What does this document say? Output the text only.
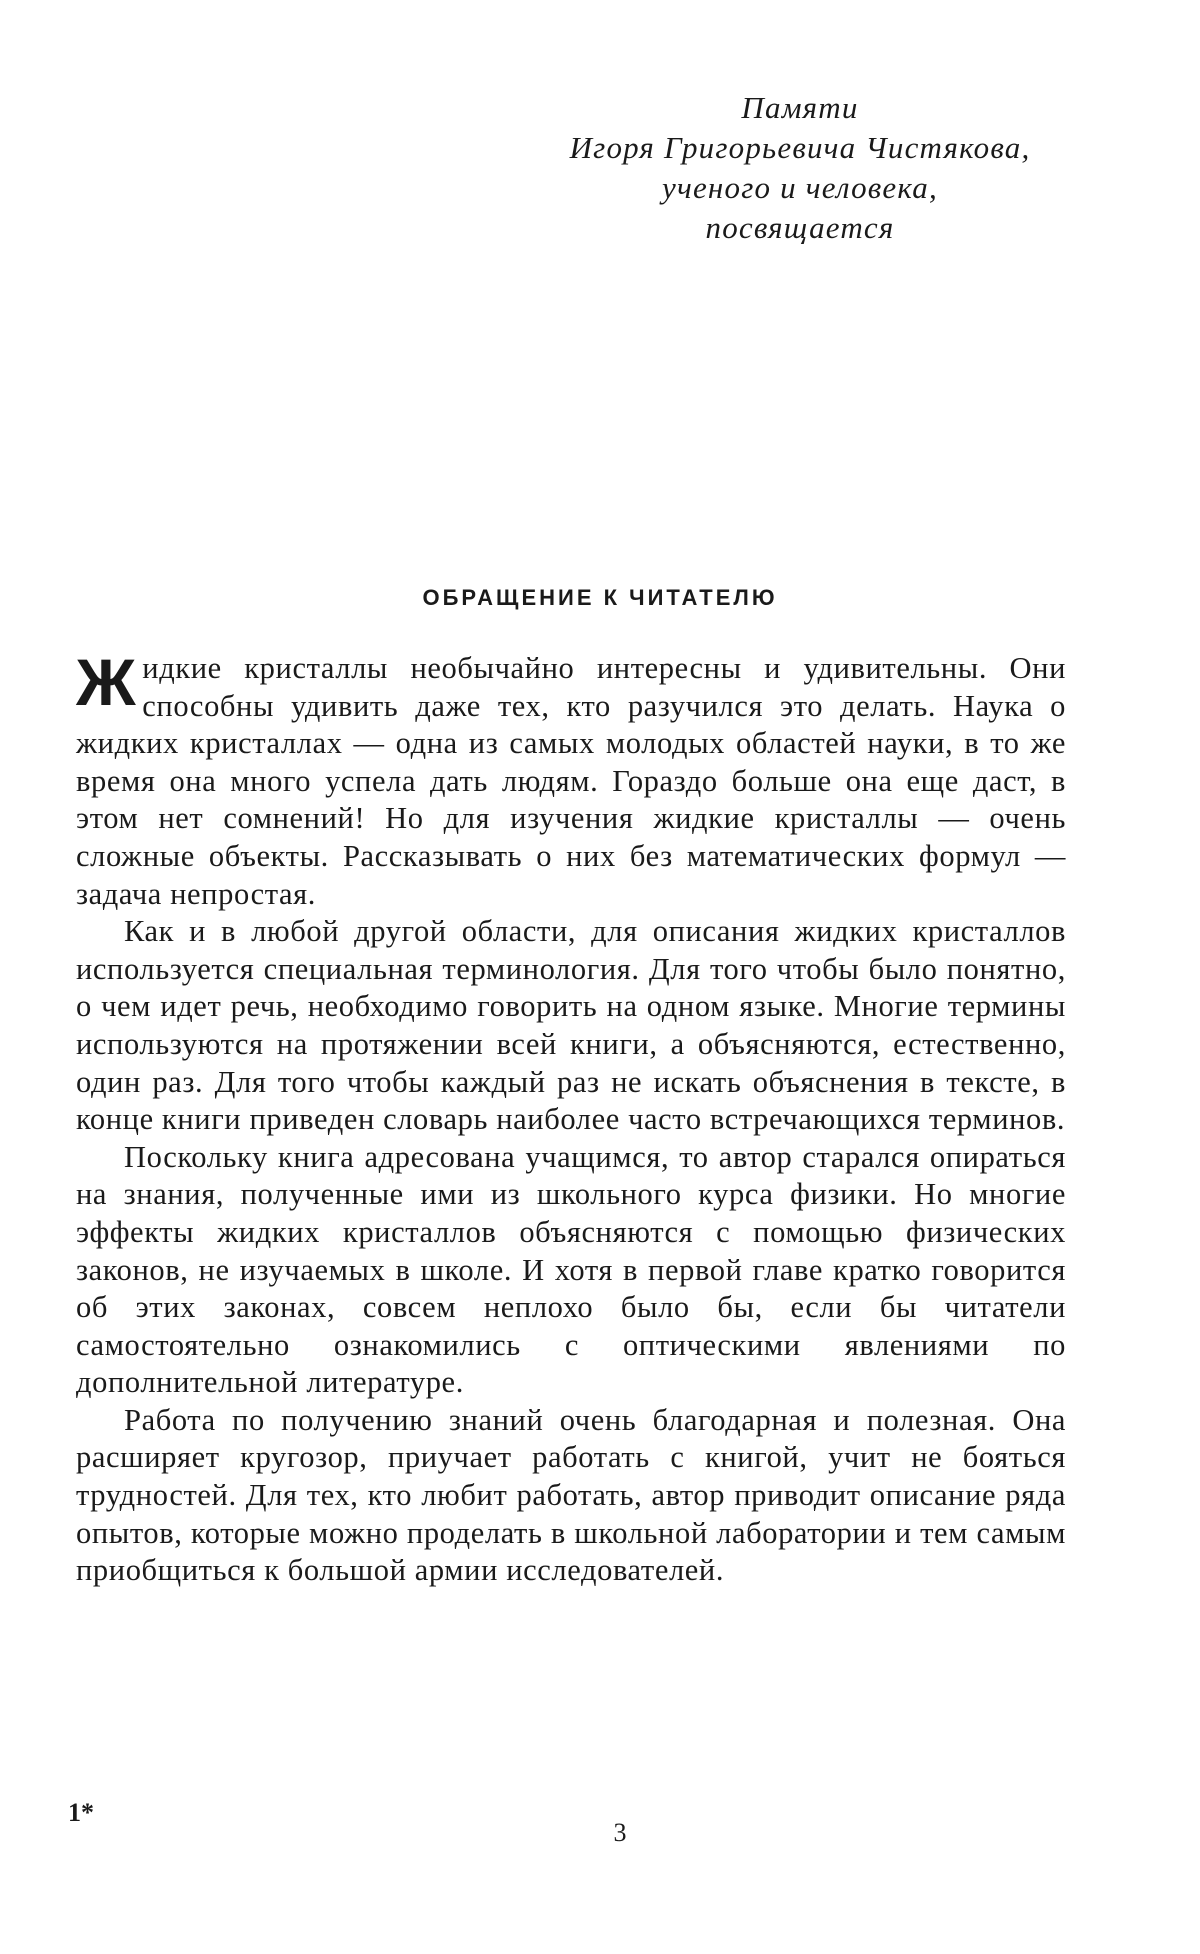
Памяти
Игоря Григорьевича Чистякова,
ученого и человека,
посвящается
ОБРАЩЕНИЕ К ЧИТАТЕЛЮ

Жидкие кристаллы необычайно интересны и удивительны. Они способны удивить даже тех, кто разучился это делать. Наука о жидких кристаллах — одна из самых молодых областей науки, в то же время она много успела дать людям. Гораздо больше она еще даст, в этом нет сомнений! Но для изучения жидкие кристаллы — очень сложные объекты. Рассказывать о них без математических формул — задача непростая.

Как и в любой другой области, для описания жидких кристаллов используется специальная терминология. Для того чтобы было понятно, о чем идет речь, необходимо говорить на одном языке. Многие термины используются на протяжении всей книги, а объясняются, естественно, один раз. Для того чтобы каждый раз не искать объяснения в тексте, в конце книги приведен словарь наиболее часто встречающихся терминов.

Поскольку книга адресована учащимся, то автор старался опираться на знания, полученные ими из школьного курса физики. Но многие эффекты жидких кристаллов объясняются с помощью физических законов, не изучаемых в школе. И хотя в первой главе кратко говорится об этих законах, совсем неплохо было бы, если бы читатели самостоятельно ознакомились с оптическими явлениями по дополнительной литературе.

Работа по получению знаний очень благодарная и полезная. Она расширяет кругозор, приучает работать с книгой, учит не бояться трудностей. Для тех, кто любит работать, автор приводит описание ряда опытов, которые можно проделать в школьной лаборатории и тем самым приобщиться к большой армии исследователей.

1*
3
